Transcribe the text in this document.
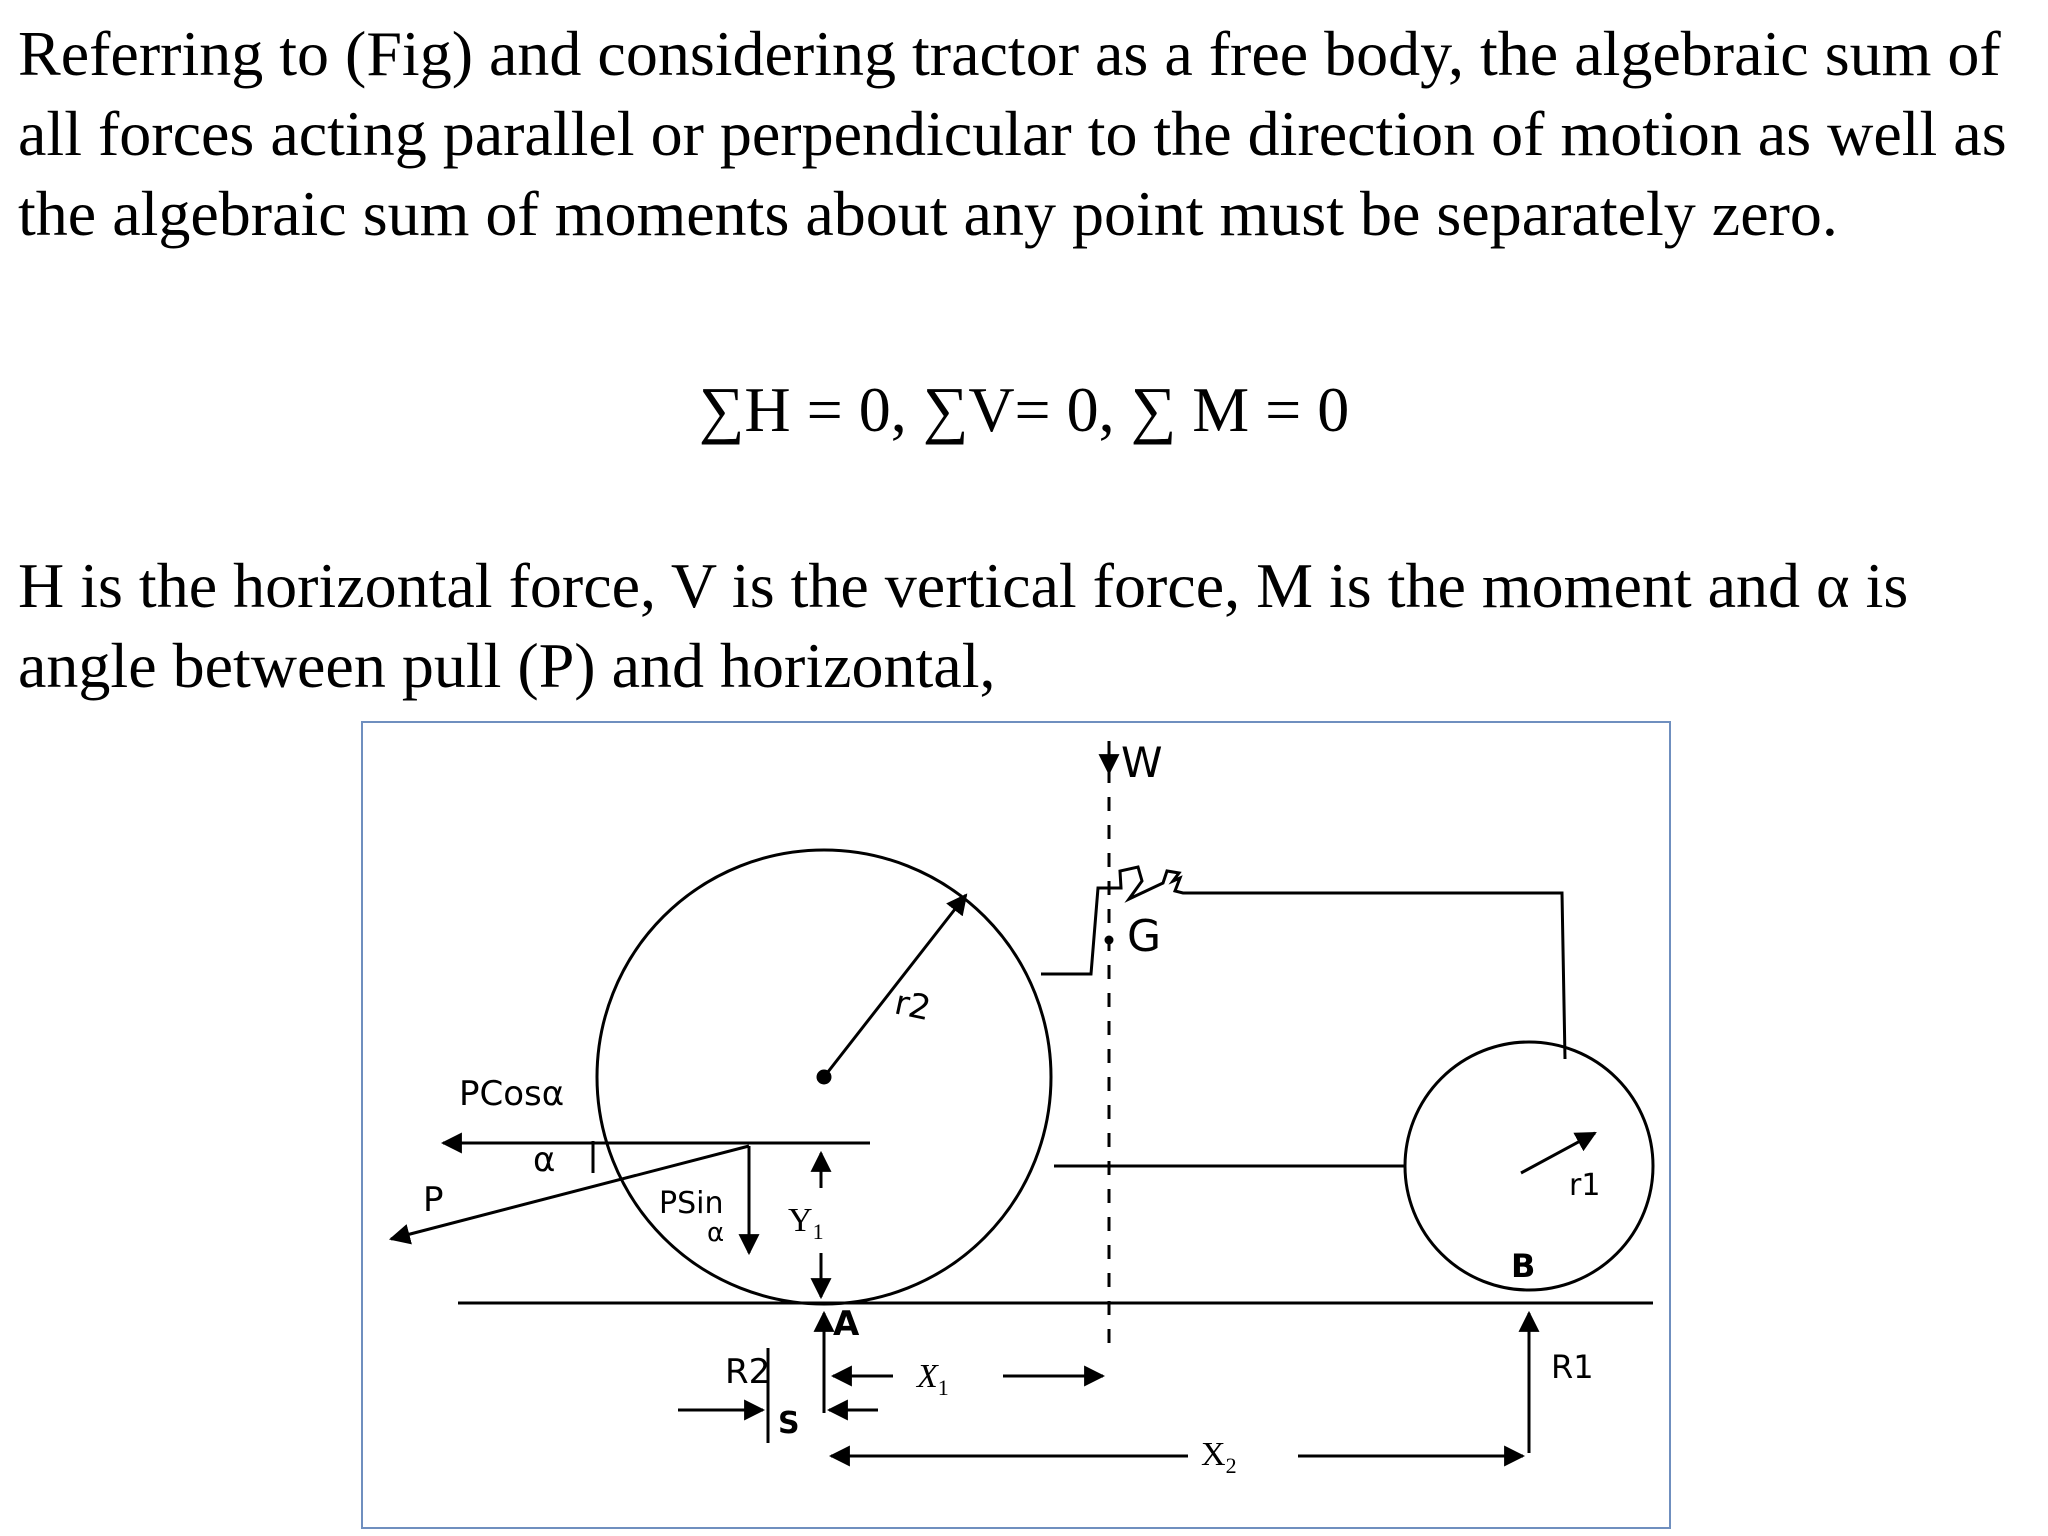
Referring to (Fig) and considering tractor as a free body, the algebraic sum of all forces acting parallel or perpendicular to the direction of motion as well as the algebraic sum of moments about any point must be separately zero.

∑H = 0, ∑V= 0, ∑ M = 0

H is the horizontal force, V is the vertical force, M is the moment and α is angle between pull (P) and horizontal,

W
G
r2
r1
PCosα
α
P	PSin
α $Y_1$
A
B
R2
S
$X_1$
$X_2$
R1
